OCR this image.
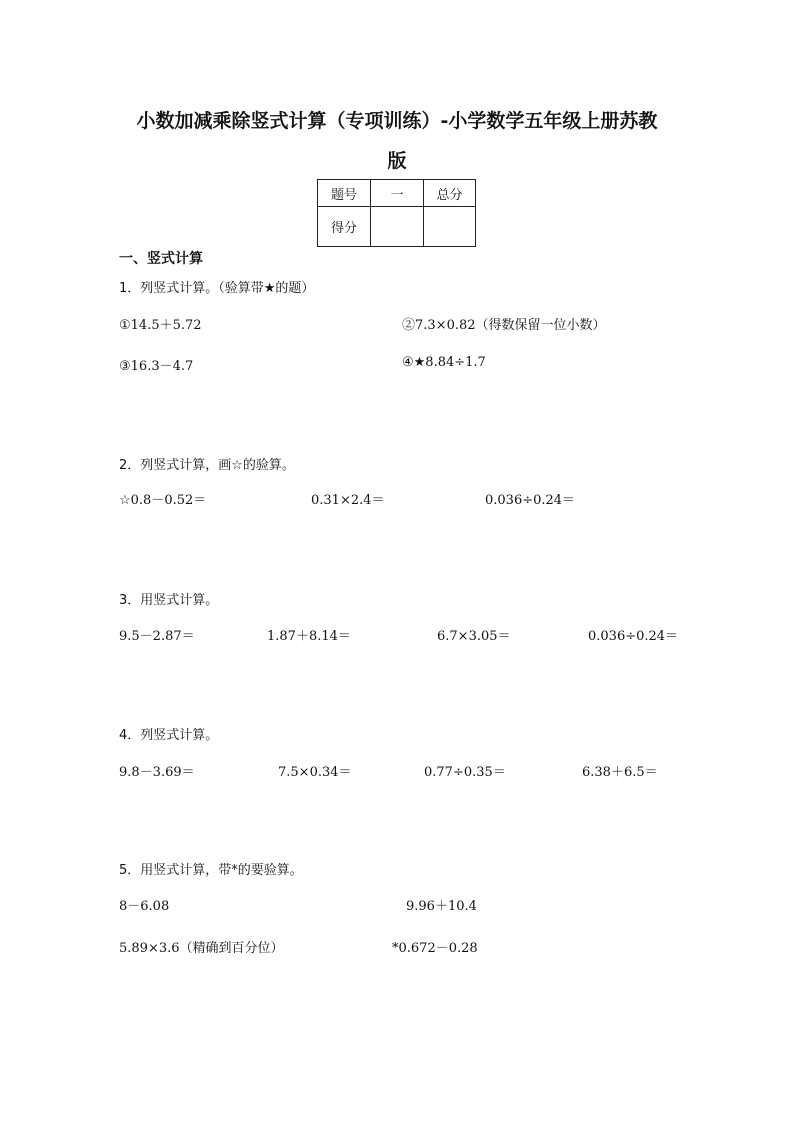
小数加减乘除竖式计算（专项训练）-小学数学五年级上册苏教
版
题号	一	总分
得分		
一、竖式计算
1．列竖式计算。（验算带★的题）
①14.5＋5.72	②7.3×0.82（得数保留一位小数）
③16.3－4.7	④★8.84÷1.7
2．列竖式计算，画☆的验算。
☆0.8－0.52＝	0.31×2.4＝	0.036÷0.24＝
3．用竖式计算。
9.5－2.87＝	1.87＋8.14＝	6.7×3.05＝	0.036÷0.24＝
4．列竖式计算。
9.8－3.69＝	7.5×0.34＝	0.77÷0.35＝	6.38＋6.5＝
5．用竖式计算，带*的要验算。
8－6.08	9.96＋10.4
5.89×3.6（精确到百分位）	*0.672－0.28
